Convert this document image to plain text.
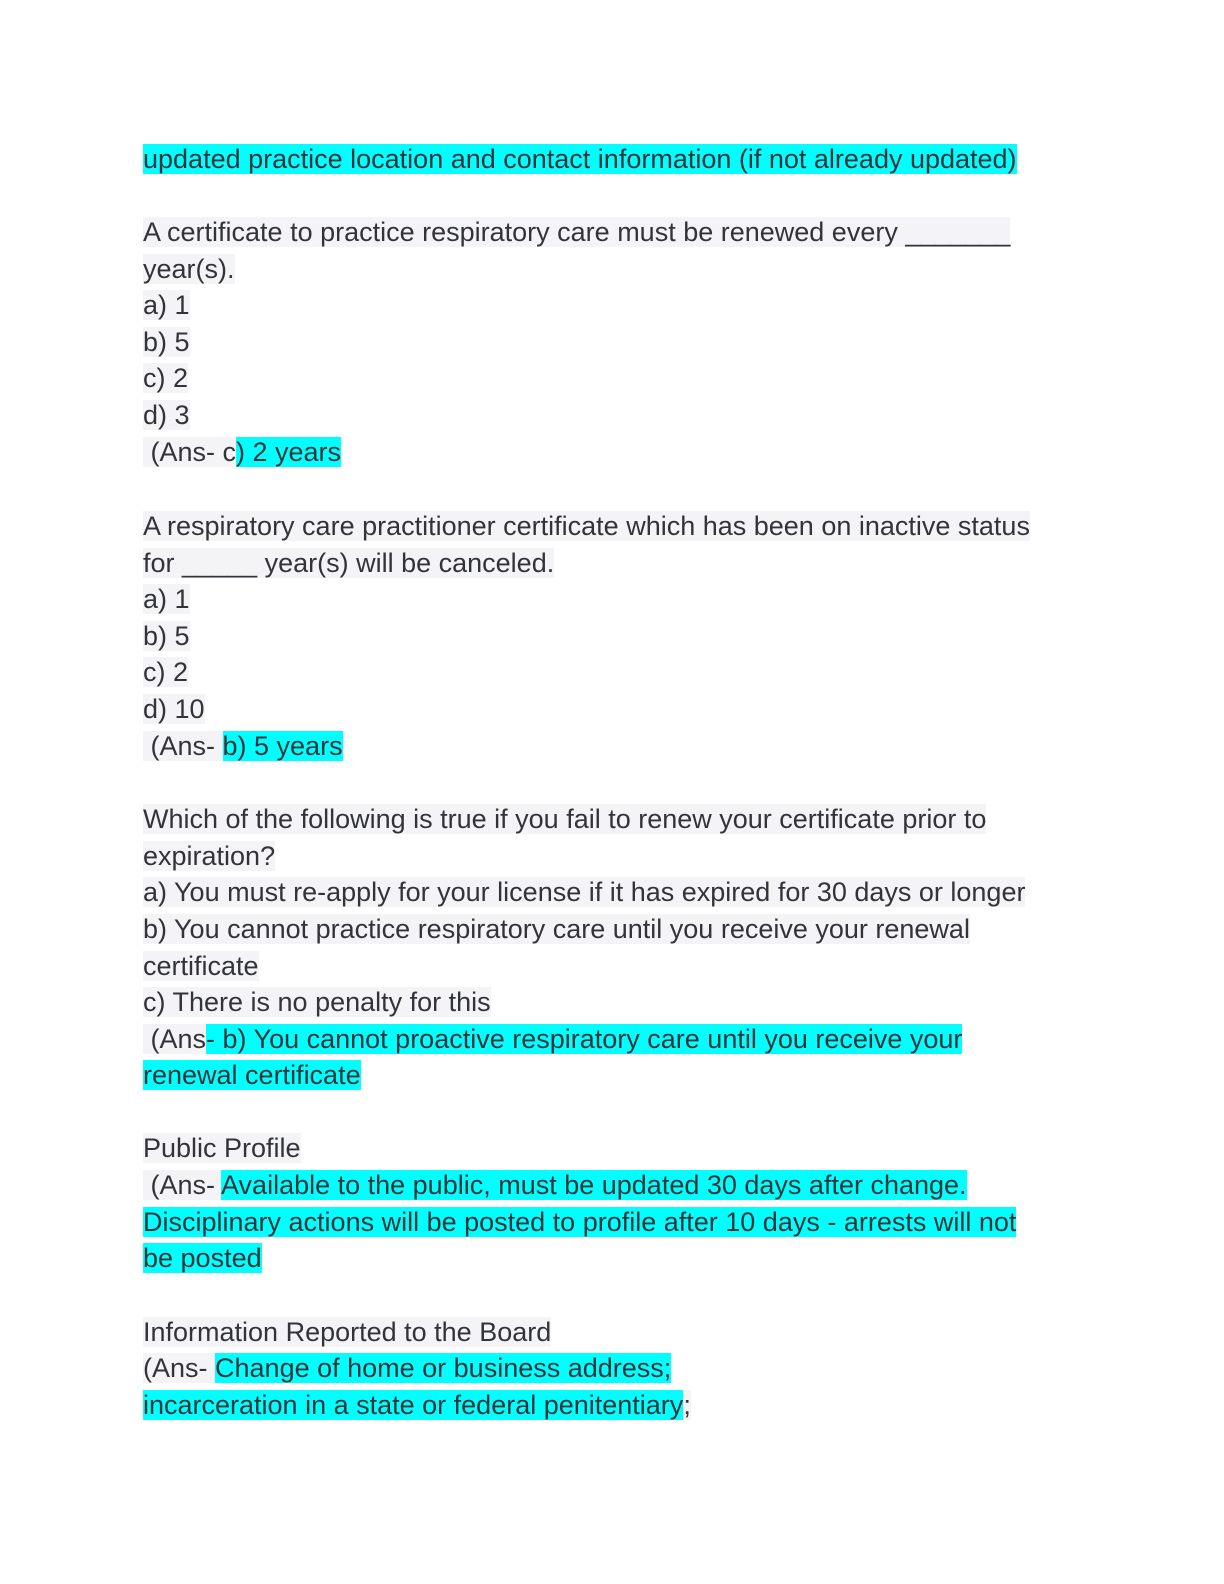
updated practice location and contact information (if not already updated)
A certificate to practice respiratory care must be renewed every _______
year(s).
a) 1
b) 5
c) 2
d) 3
(Ans- c) 2 years
A respiratory care practitioner certificate which has been on inactive status
for _____ year(s) will be canceled.
a) 1
b) 5
c) 2
d) 10
(Ans- b) 5 years
Which of the following is true if you fail to renew your certificate prior to
expiration?
a) You must re-apply for your license if it has expired for 30 days or longer
b) You cannot practice respiratory care until you receive your renewal
certificate
c) There is no penalty for this
(Ans- b) You cannot proactive respiratory care until you receive your
renewal certificate
Public Profile
(Ans- Available to the public, must be updated 30 days after change.
Disciplinary actions will be posted to profile after 10 days - arrests will not
be posted
Information Reported to the Board
(Ans- Change of home or business address;
incarceration in a state or federal penitentiary;
